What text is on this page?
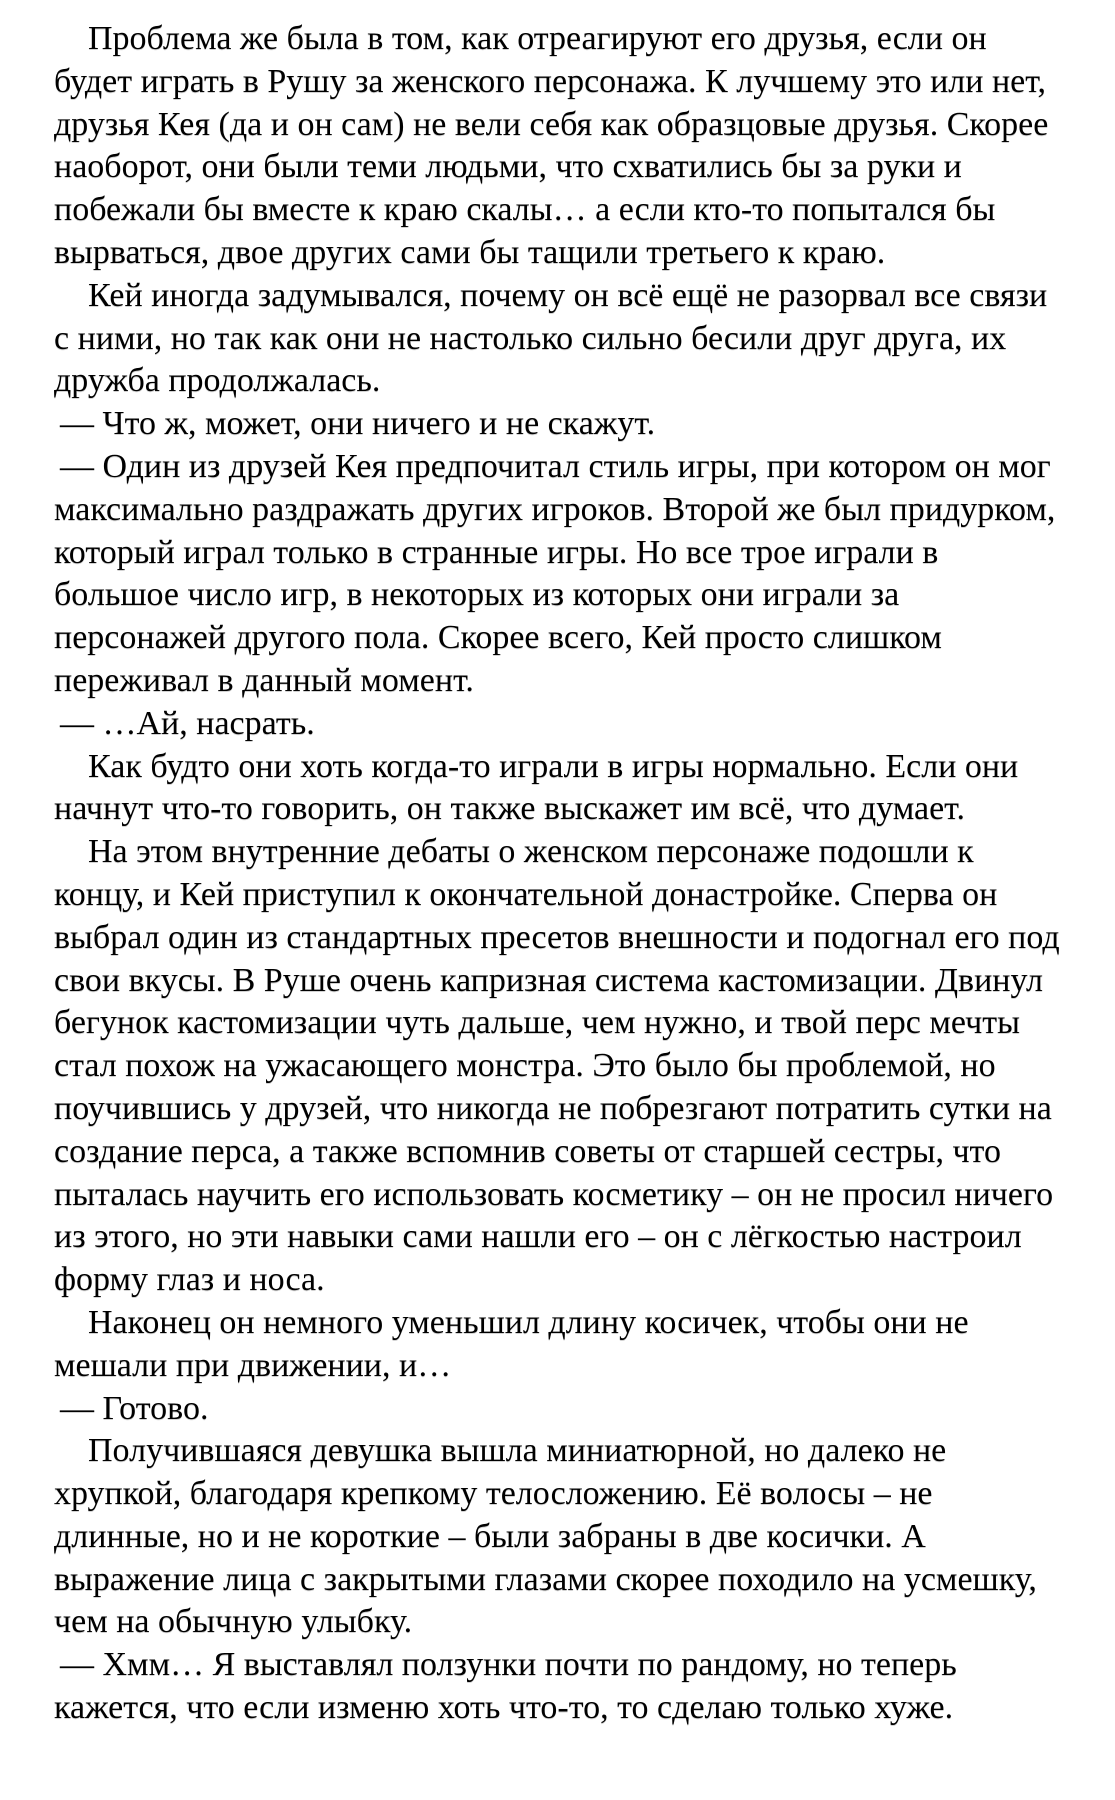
Проблема же была в том, как отреагируют его друзья, если он будет играть в Рушу за женского персонажа. К лучшему это или нет, друзья Кея (да и он сам) не вели себя как образцовые друзья. Скорее наоборот, они были теми людьми, что схватились бы за руки и побежали бы вместе к краю скалы… а если кто-то попытался бы вырваться, двое других сами бы тащили третьего к краю.

Кей иногда задумывался, почему он всё ещё не разорвал все связи с ними, но так как они не настолько сильно бесили друг друга, их дружба продолжалась.

— Что ж, может, они ничего и не скажут.

— Один из друзей Кея предпочитал стиль игры, при котором он мог максимально раздражать других игроков. Второй же был придурком, который играл только в странные игры. Но все трое играли в большое число игр, в некоторых из которых они играли за персонажей другого пола. Скорее всего, Кей просто слишком переживал в данный момент.

— …Ай, насрать.

Как будто они хоть когда-то играли в игры нормально. Если они начнут что-то говорить, он также выскажет им всё, что думает.

На этом внутренние дебаты о женском персонаже подошли к концу, и Кей приступил к окончательной донастройке. Сперва он выбрал один из стандартных пресетов внешности и подогнал его под свои вкусы. В Руше очень капризная система кастомизации. Двинул бегунок кастомизации чуть дальше, чем нужно, и твой перс мечты стал похож на ужасающего монстра. Это было бы проблемой, но поучившись у друзей, что никогда не побрезгают потратить сутки на создание перса, а также вспомнив советы от старшей сестры, что пыталась научить его использовать косметику – он не просил ничего из этого, но эти навыки сами нашли его – он с лёгкостью настроил форму глаз и носа.

Наконец он немного уменьшил длину косичек, чтобы они не мешали при движении, и…

— Готово.

Получившаяся девушка вышла миниатюрной, но далеко не хрупкой, благодаря крепкому телосложению. Её волосы – не длинные, но и не короткие – были забраны в две косички. А выражение лица с закрытыми глазами скорее походило на усмешку, чем на обычную улыбку.

— Хмм… Я выставлял ползунки почти по рандому, но теперь кажется, что если изменю хоть что-то, то сделаю только хуже.
